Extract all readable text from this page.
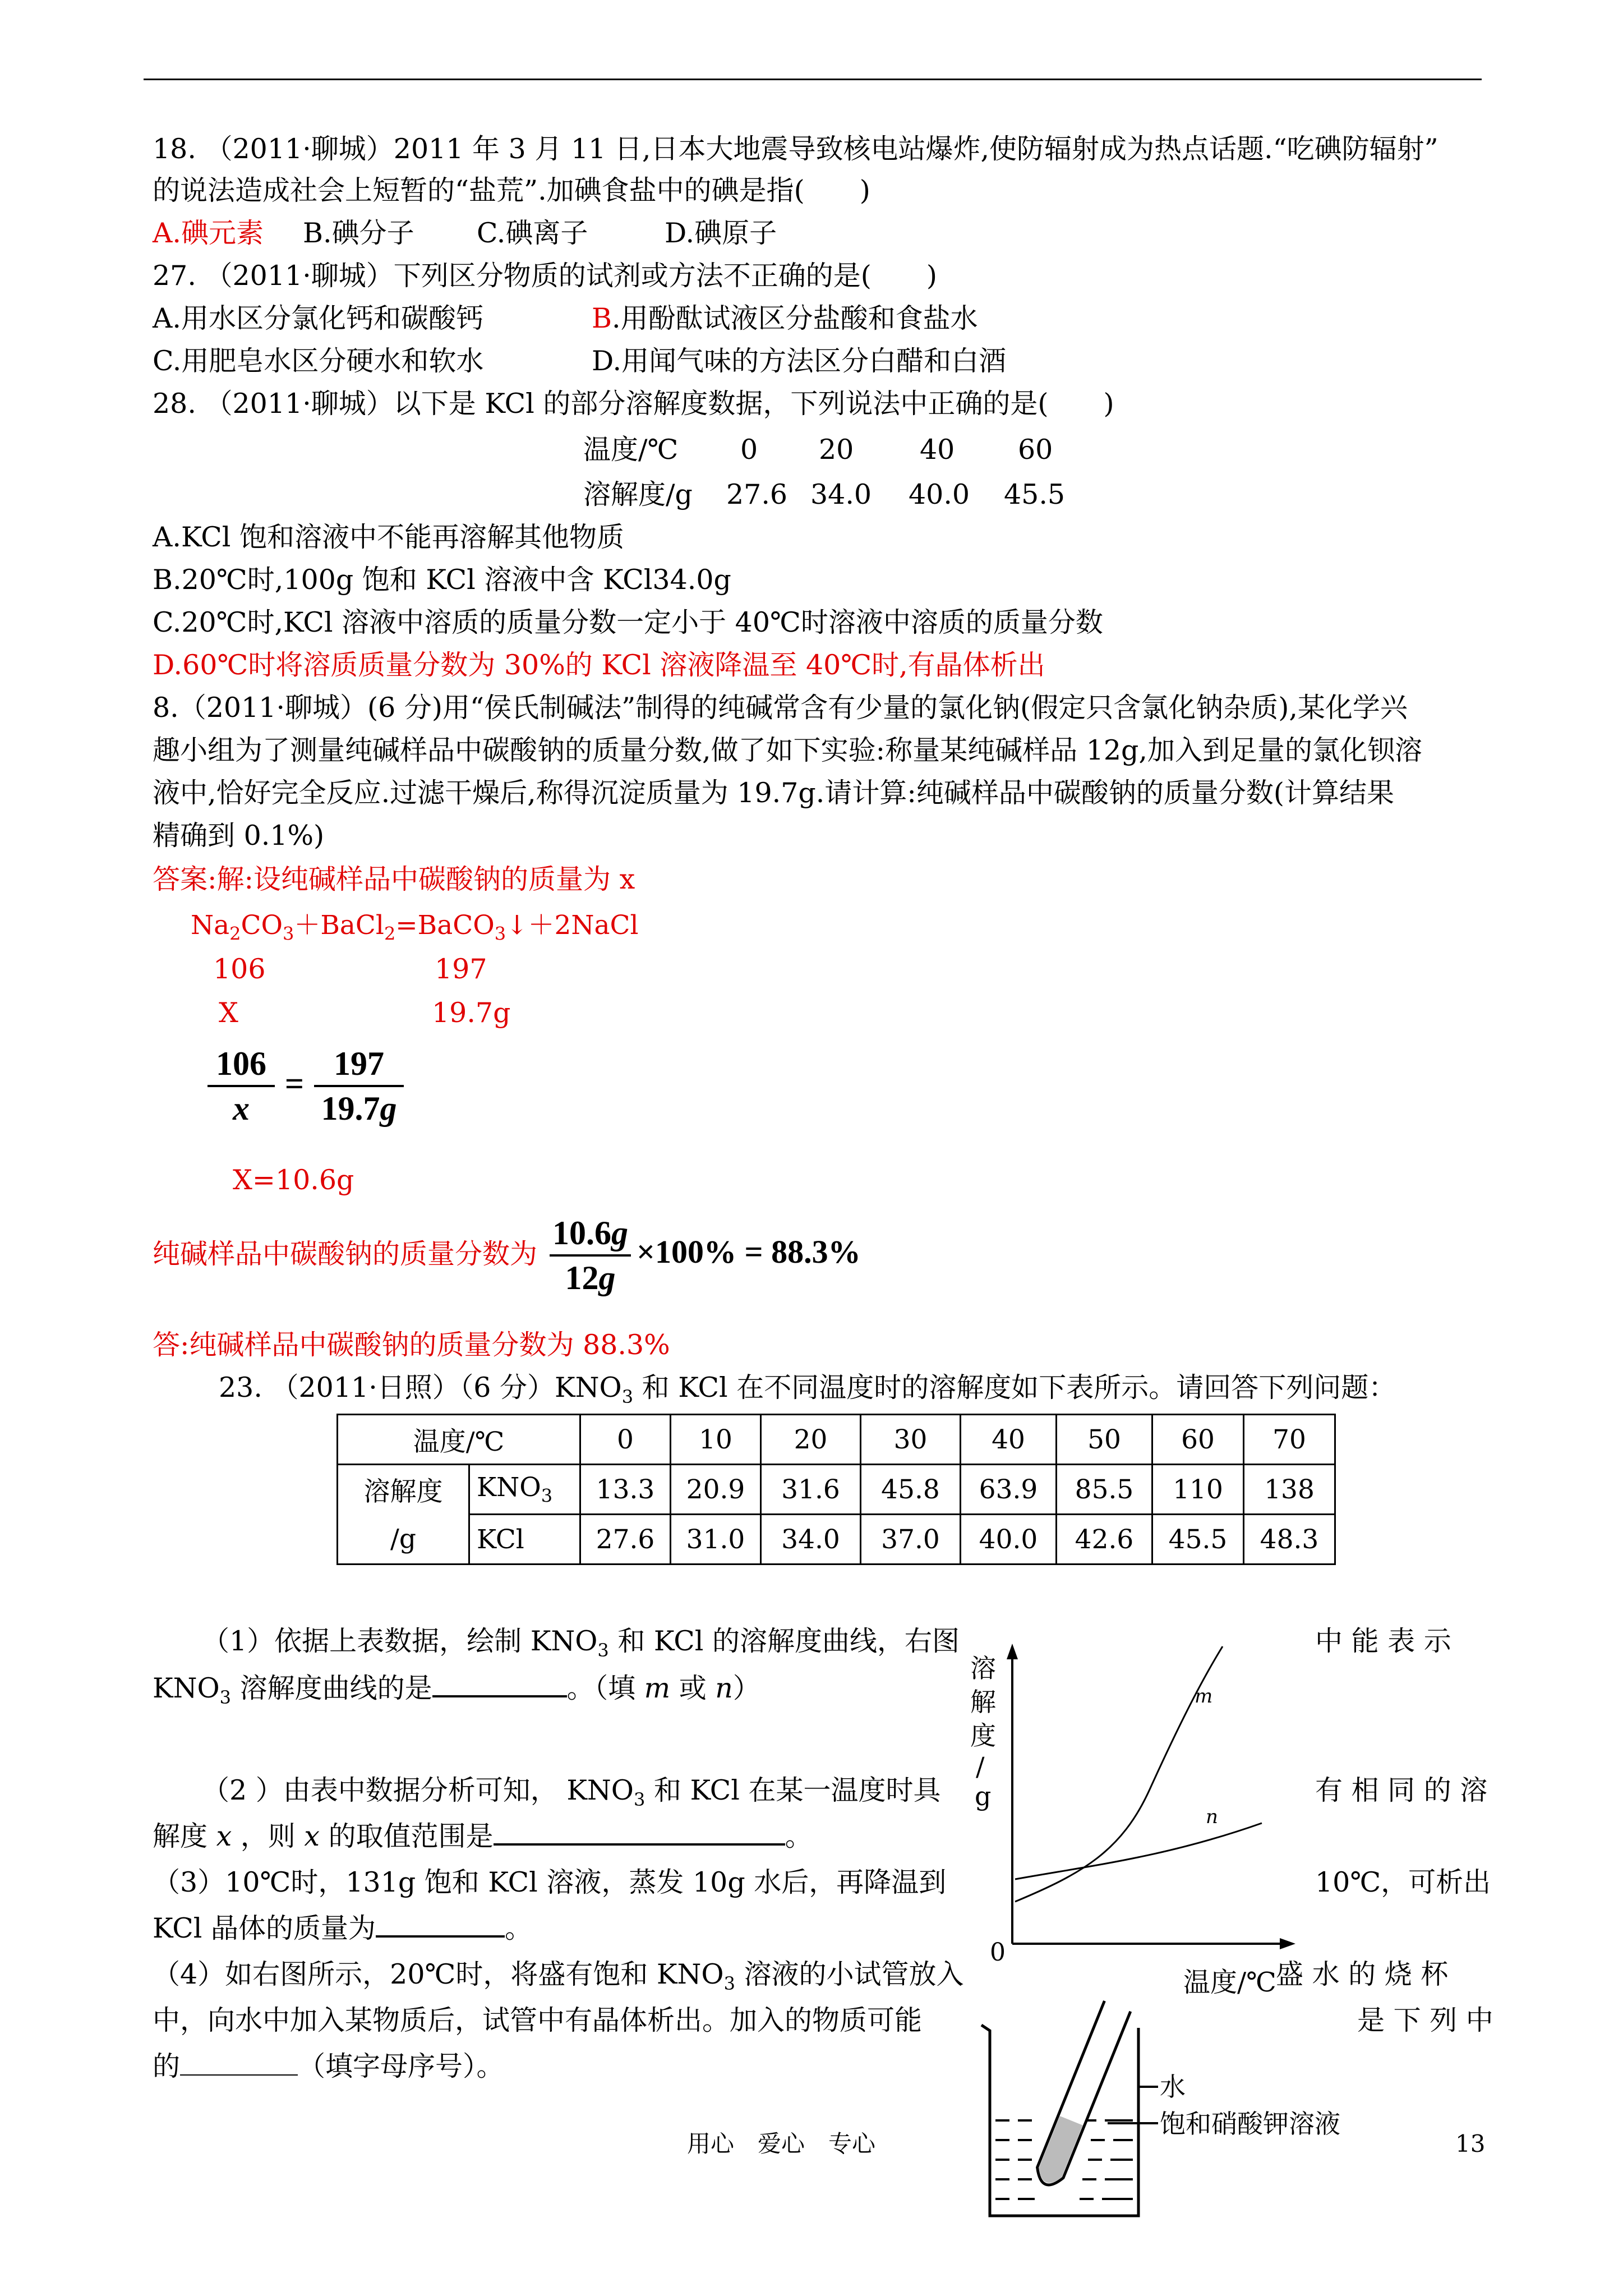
18. （2011·聊城）2011 年 3 月 11 日,日本大地震导致核电站爆炸,使防辐射成为热点话题.“吃碘防辐射”
的说法造成社会上短暂的“盐荒”.加碘食盐中的碘是指(　　)
A.碘元素 B.碘分子 C.碘离子	D.碘原子
27. （2011·聊城）下列区分物质的试剂或方法不正确的是(　　)
A.用水区分氯化钙和碳酸钙	B.用酚酞试液区分盐酸和食盐水
C.用肥皂水区分硬水和软水	D.用闻气味的方法区分白醋和白酒
28. （2011·聊城）以下是 KCl 的部分溶解度数据，下列说法中正确的是(　　)
温度/℃ 0 20 40 60
溶解度/g 27.6 34.0 40.0 45.5
A.KCl 饱和溶液中不能再溶解其他物质
B.20℃时,100g 饱和 KCl 溶液中含 KCl34.0g
C.20℃时,KCl 溶液中溶质的质量分数一定小于 40℃时溶液中溶质的质量分数
D.60℃时将溶质质量分数为 30%的 KCl 溶液降温至 40℃时,有晶体析出
8.（2011·聊城）(6 分)用“侯氏制碱法”制得的纯碱常含有少量的氯化钠(假定只含氯化钠杂质),某化学兴
趣小组为了测量纯碱样品中碳酸钠的质量分数,做了如下实验:称量某纯碱样品 12g,加入到足量的氯化钡溶
液中,恰好完全反应.过滤干燥后,称得沉淀质量为 19.7g.请计算:纯碱样品中碳酸钠的质量分数(计算结果
精确到 0.1%)
答案:解:设纯碱样品中碳酸钠的质量为 x
$Na_2CO_3+BaCl_2=BaCO_3↓+2NaCl$
106	197
X	19.7g
106
x
=
197
19.7g
X=10.6g
纯碱样品中碳酸钠的质量分数为
10.6g
12g
×100% = 88.3%
答:纯碱样品中碳酸钠的质量分数为 88.3%
23. （2011·日照）（6 分）$KNO_3$ 和 KCl 在不同温度时的溶解度如下表所示。请回答下列问题：
温度/℃		0	10	20	30	40	50	60	70
溶解度	$KNO_3$	13.3	20.9	31.6	45.8	63.9	85.5	110	138
/g	KCl	27.6	31.0	34.0	37.0	40.0	42.6	45.5	48.3
（1）依据上表数据，绘制 $KNO_3$ 和 KCl 的溶解度曲线，右图	中 能 表 示
$KNO_3$ 溶解度曲线的是	。（填 m 或 n）
（2 ）由表中数据分析可知， $KNO_3$ 和 KCl 在某一温度时具	有 相 同 的 溶
解度 x ，则 x 的取值范围是	。
（3）10℃时，131g 饱和 KCl 溶液，蒸发 10g 水后，再降温到	10℃，可析出
KCl 晶体的质量为	。
（4）如右图所示，20℃时，将盛有饱和 $KNO_3$ 溶液的小试管放入	盛 水 的 烧 杯
中，向水中加入某物质后，试管中有晶体析出。加入的物质可能	是 下 列 中
的	（填字母序号）。
m
n
0
溶
解
度
/
g
温度/℃
水
饱和硝酸钾溶液
用心　爱心　专心	13
